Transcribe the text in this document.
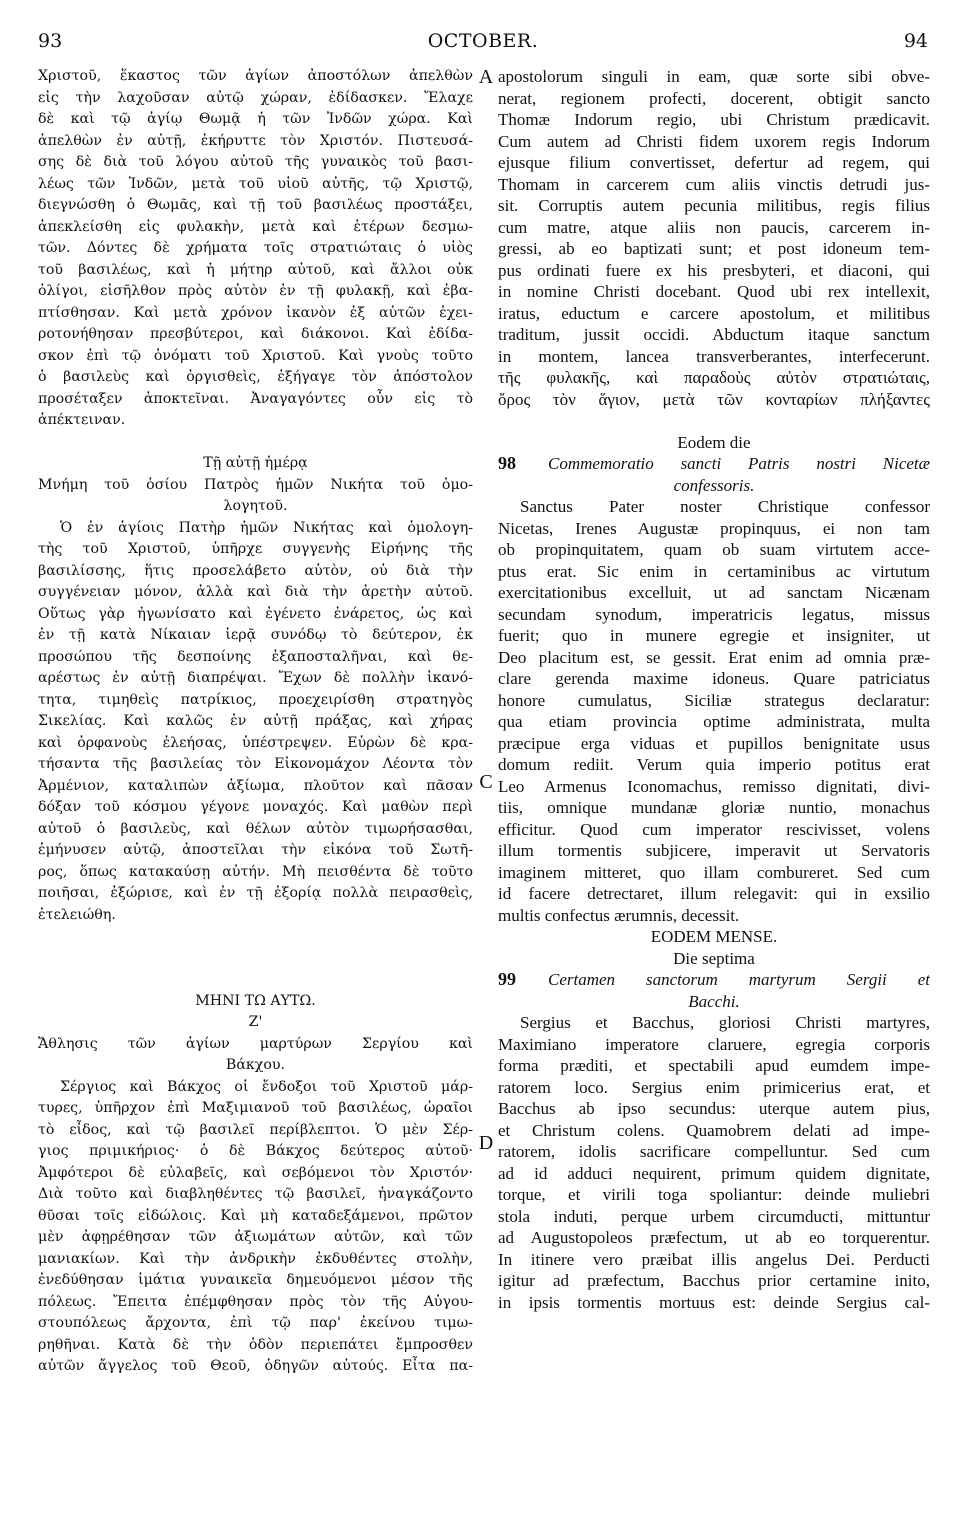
93	OCTOBER.	94
A
C
D
Χριστοῦ, ἕκαστος τῶν ἁγίων ἀποστόλων ἀπελθὼν
εἰς τὴν λαχοῦσαν αὐτῷ χώραν, ἐδίδασκεν. Ἔλαχε
δὲ καὶ τῷ ἁγίῳ Θωμᾷ ἡ τῶν Ἰνδῶν χώρα. Καὶ
ἀπελθὼν ἐν αὐτῇ, ἐκήρυττε τὸν Χριστόν. Πιστευσά-
σης δὲ διὰ τοῦ λόγου αὐτοῦ τῆς γυναικὸς τοῦ βασι-
λέως τῶν Ἰνδῶν, μετὰ τοῦ υἱοῦ αὐτῆς, τῷ Χριστῷ,
διεγνώσθη ὁ Θωμᾶς, καὶ τῇ τοῦ βασιλέως προστάξει,
ἀπεκλείσθη εἰς φυλακὴν, μετὰ καὶ ἑτέρων δεσμω-
τῶν. Δόντες δὲ χρήματα τοῖς στρατιώταις ὁ υἱὸς
τοῦ βασιλέως, καὶ ἡ μήτηρ αὐτοῦ, καὶ ἄλλοι οὐκ
ὀλίγοι, εἰσῆλθον πρὸς αὐτὸν ἐν τῇ φυλακῇ, καὶ ἐβα-
πτίσθησαν. Καὶ μετὰ χρόνον ἱκανὸν ἐξ αὐτῶν ἐχει-
ροτονήθησαν πρεσβύτεροι, καὶ διάκονοι. Καὶ ἐδίδα-
σκον ἐπὶ τῷ ὀνόματι τοῦ Χριστοῦ. Καὶ γνοὺς τοῦτο
ὁ βασιλεὺς καὶ ὀργισθεὶς, ἐξήγαγε τὸν ἀπόστολον
προσέταξεν ἀποκτεῖναι. Ἀναγαγόντες οὖν εἰς τὸ
ἀπέκτειναν.
Τῇ αὐτῇ ἡμέρᾳ
Μνήμη τοῦ ὁσίου Πατρὸς ἡμῶν Νικήτα τοῦ ὁμο-
λογητοῦ.
Ὁ ἐν ἁγίοις Πατὴρ ἡμῶν Νικήτας καὶ ὁμολογη-
τὴς τοῦ Χριστοῦ, ὑπῆρχε συγγενὴς Εἰρήνης τῆς
βασιλίσσης, ἥτις προσελάβετο αὐτὸν, οὐ διὰ τὴν
συγγένειαν μόνον, ἀλλὰ καὶ διὰ τὴν ἀρετὴν αὐτοῦ.
Οὕτως γὰρ ἠγωνίσατο καὶ ἐγένετο ἐνάρετος, ὡς καὶ
ἐν τῇ κατὰ Νίκαιαν ἱερᾷ συνόδῳ τὸ δεύτερον, ἐκ
προσώπου τῆς δεσποίνης ἐξαποσταλῆναι, καὶ θε-
αρέστως ἐν αὐτῇ διαπρέψαι. Ἔχων δὲ πολλὴν ἱκανό-
τητα, τιμηθεὶς πατρίκιος, προεχειρίσθη στρατηγὸς
Σικελίας. Καὶ καλῶς ἐν αὐτῇ πράξας, καὶ χήρας
καὶ ὀρφανοὺς ἐλεήσας, ὑπέστρεψεν. Εὑρὼν δὲ κρα-
τήσαντα τῆς βασιλείας τὸν Εἰκονομάχον Λέοντα τὸν
Ἀρμένιον, καταλιπὼν ἀξίωμα, πλοῦτον καὶ πᾶσαν
δόξαν τοῦ κόσμου γέγονε μοναχός. Καὶ μαθὼν περὶ
αὐτοῦ ὁ βασιλεὺς, καὶ θέλων αὐτὸν τιμωρήσασθαι,
ἐμήνυσεν αὐτῷ, ἀποστεῖλαι τὴν εἰκόνα τοῦ Σωτῆ-
ρος, ὅπως κατακαύσῃ αὐτήν. Μὴ πεισθέντα δὲ τοῦτο
ποιῆσαι, ἐξώρισε, καὶ ἐν τῇ ἐξορίᾳ πολλὰ πειρασθεὶς,
ἐτελειώθη.
ΜΗΝΙ ΤΩ ΑΥΤΩ.
Ζ'
Ἄθλησις τῶν ἁγίων μαρτύρων Σεργίου καὶ
Βάκχου.
Σέργιος καὶ Βάκχος οἱ ἔνδοξοι τοῦ Χριστοῦ μάρ-
τυρες, ὑπῆρχον ἐπὶ Μαξιμιανοῦ τοῦ βασιλέως, ὡραῖοι
τὸ εἶδος, καὶ τῷ βασιλεῖ περίβλεπτοι. Ὁ μὲν Σέρ-
γιος πριμικήριος· ὁ δὲ Βάκχος δεύτερος αὐτοῦ·
Ἀμφότεροι δὲ εὐλαβεῖς, καὶ σεβόμενοι τὸν Χριστόν·
Διὰ τοῦτο καὶ διαβληθέντες τῷ βασιλεῖ, ἠναγκάζοντο
θῦσαι τοῖς εἰδώλοις. Καὶ μὴ καταδεξάμενοι, πρῶτον
μὲν ἀφῃρέθησαν τῶν ἀξιωμάτων αὐτῶν, καὶ τῶν
μανιακίων. Καὶ τὴν ἀνδρικὴν ἐκδυθέντες στολὴν,
ἐνεδύθησαν ἱμάτια γυναικεῖα δημευόμενοι μέσον τῆς
πόλεως. Ἔπειτα ἐπέμφθησαν πρὸς τὸν τῆς Αὐγου-
στουπόλεως ἄρχοντα, ἐπὶ τῷ παρ' ἐκείνου τιμω-
ρηθῆναι. Κατὰ δὲ τὴν ὁδὸν περιεπάτει ἔμπροσθεν
αὐτῶν ἄγγελος τοῦ Θεοῦ, ὁδηγῶν αὐτούς. Εἶτα πα-
apostolorum singuli in eam, quæ sorte sibi obve-
nerat, regionem profecti, docerent, obtigit sancto
Thomæ Indorum regio, ubi Christum prædicavit.
Cum autem ad Christi fidem uxorem regis Indorum
ejusque filium convertisset, defertur ad regem, qui
Thomam in carcerem cum aliis vinctis detrudi jus-
sit. Corruptis autem pecunia militibus, regis filius
cum matre, atque aliis non paucis, carcerem in-
gressi, ab eo baptizati sunt; et post idoneum tem-
pus ordinati fuere ex his presbyteri, et diaconi, qui
in nomine Christi docebant. Quod ubi rex intellexit,
iratus, eductum e carcere apostolum, et militibus
traditum, jussit occidi. Abductum itaque sanctum
in montem, lancea transverberantes, interfecerunt.
τῆς φυλακῆς, καὶ παραδοὺς αὐτὸν στρατιώταις,
ὄρος τὸν ἅγιον, μετὰ τῶν κονταρίων πλήξαντες
Eodem die
98	Commemoratio sancti Patris nostri Nicetæ
confessoris.
Sanctus Pater noster Christique confessor
Nicetas, Irenes Augustæ propinquus, ei non tam
ob propinquitatem, quam ob suam virtutem acce-
ptus erat. Sic enim in certaminibus ac virtutum
exercitationibus excelluit, ut ad sanctam Nicænam
secundam synodum, imperatricis legatus, missus
fuerit; quo in munere egregie et insigniter, ut
Deo placitum est, se gessit. Erat enim ad omnia præ-
clare gerenda maxime idoneus. Quare patriciatus
honore cumulatus, Siciliæ strategus declaratur:
qua etiam provincia optime administrata, multa
præcipue erga viduas et pupillos benignitate usus
domum rediit. Verum quia imperio potitus erat
Leo Armenus Iconomachus, remisso dignitati, divi-
tiis, omnique mundanæ gloriæ nuntio, monachus
efficitur. Quod cum imperator rescivisset, volens
illum tormentis subjicere, imperavit ut Servatoris
imaginem mitteret, quo illam combureret. Sed cum
id facere detrectaret, illum relegavit: qui in exsilio
multis confectus ærumnis, decessit.
EODEM MENSE.
Die septima
99	Certamen sanctorum martyrum Sergii et
Bacchi.
Sergius et Bacchus, gloriosi Christi martyres,
Maximiano imperatore claruere, egregia corporis
forma præditi, et spectabili apud eumdem impe-
ratorem loco. Sergius enim primicerius erat, et
Bacchus ab ipso secundus: uterque autem pius,
et Christum colens. Quamobrem delati ad impe-
ratorem, idolis sacrificare compelluntur. Sed cum
ad id adduci nequirent, primum quidem dignitate,
torque, et virili toga spoliantur: deinde muliebri
stola induti, perque urbem circumducti, mittuntur
ad Augustopoleos præfectum, ut ab eo torquerentur.
In itinere vero præibat illis angelus Dei. Perducti
igitur ad præfectum, Bacchus prior certamine inito,
in ipsis tormentis mortuus est: deinde Sergius cal-
